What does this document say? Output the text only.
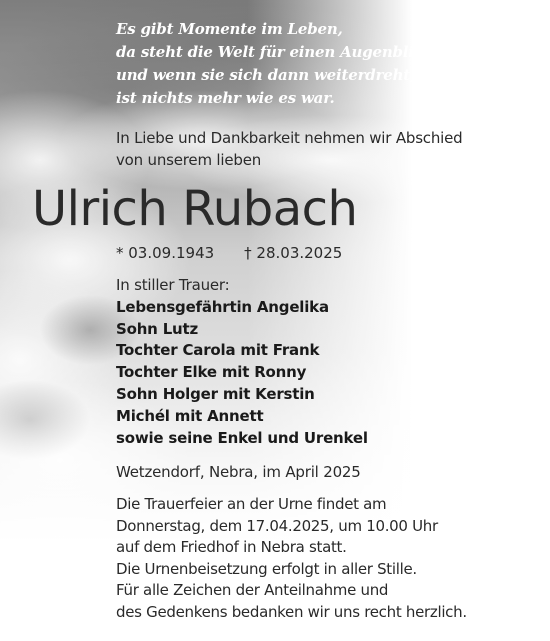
Es gibt Momente im Leben,
da steht die Welt für einen Augenblick still -
und wenn sie sich dann weiterdreht,
ist nichts mehr wie es war.
In Liebe und Dankbarkeit nehmen wir Abschied
von unserem lieben
Ulrich Rubach
* 03.09.1943 † 28.03.2025
In stiller Trauer:
Lebensgefährtin Angelika
Sohn Lutz
Tochter Carola mit Frank
Tochter Elke mit Ronny
Sohn Holger mit Kerstin
Michél mit Annett
sowie seine Enkel und Urenkel
Wetzendorf, Nebra, im April 2025
Die Trauerfeier an der Urne findet am
Donnerstag, dem 17.04.2025, um 10.00 Uhr
auf dem Friedhof in Nebra statt.
Die Urnenbeisetzung erfolgt in aller Stille.
Für alle Zeichen der Anteilnahme und
des Gedenkens bedanken wir uns recht herzlich.
